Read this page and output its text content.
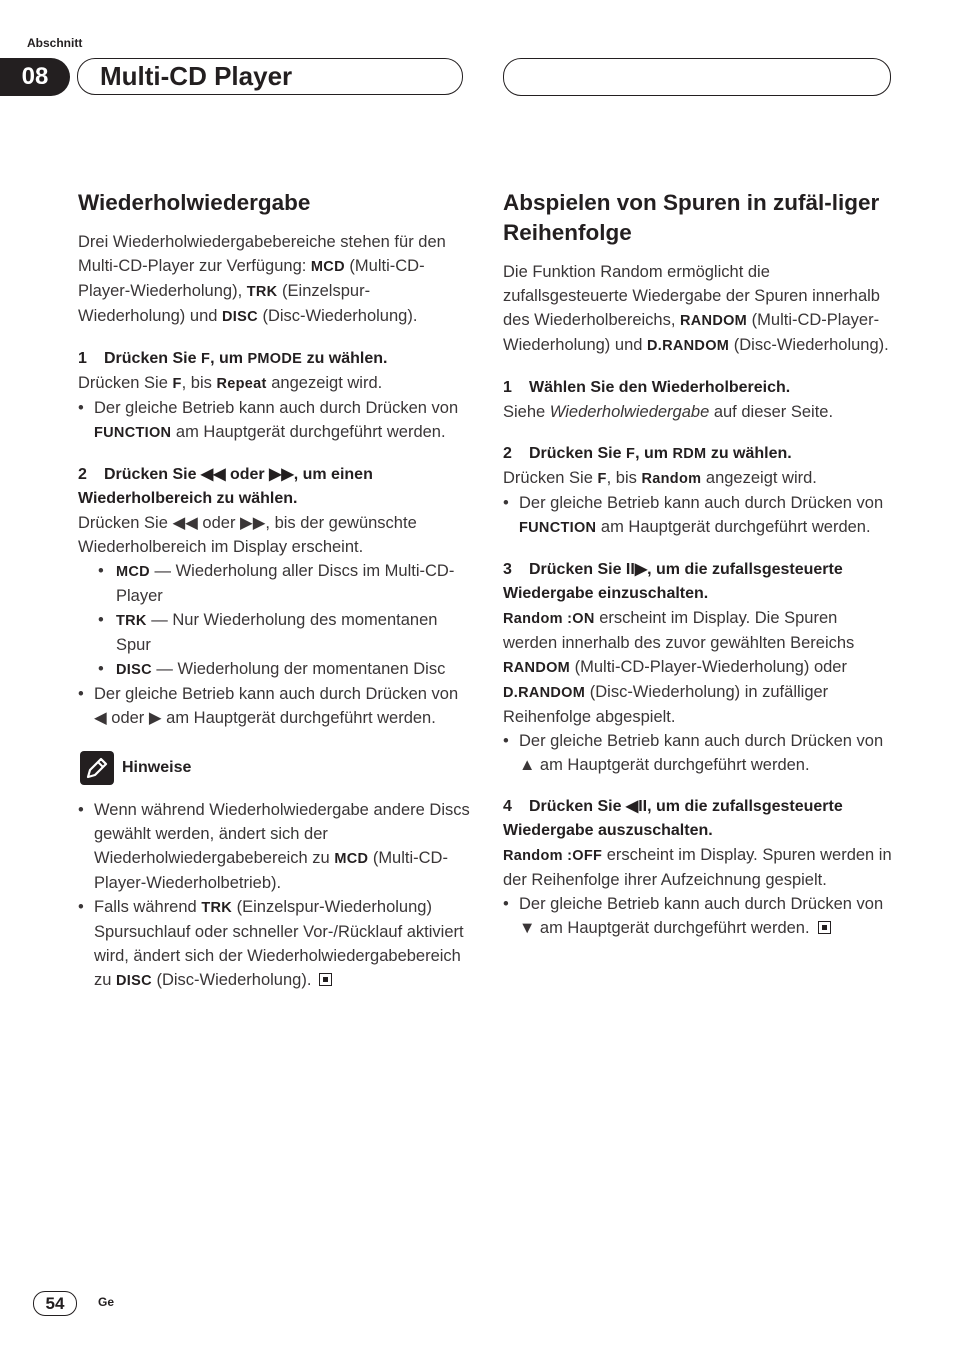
Abschnitt
08	Multi-CD Player
Wiederholwiedergabe

Drei Wiederholwiedergabebereiche stehen für den Multi-CD-Player zur Verfügung: MCD (Multi-CD-Player-Wiederholung), TRK (Einzelspur-Wiederholung) und DISC (Disc-Wiederholung).

1 Drücken Sie F, um PMODE zu wählen.

Drücken Sie F, bis Repeat angezeigt wird.

• Der gleiche Betrieb kann auch durch Drücken von FUNCTION am Hauptgerät durchgeführt werden.

2 Drücken Sie ◀◀ oder ▶▶, um einen Wiederholbereich zu wählen.

Drücken Sie ◀◀ oder ▶▶, bis der gewünschte Wiederholbereich im Display erscheint.

• MCD — Wiederholung aller Discs im Multi-CD-Player

• TRK — Nur Wiederholung des momentanen Spur

• DISC — Wiederholung der momentanen Disc

• Der gleiche Betrieb kann auch durch Drücken von ◀ oder ▶ am Hauptgerät durchgeführt werden.

Hinweise

• Wenn während Wiederholwiedergabe andere Discs gewählt werden, ändert sich der Wiederholwiedergabebereich zu MCD (Multi-CD-Player-Wiederholbetrieb).

• Falls während TRK (Einzelspur-Wiederholung) Spursuchlauf oder schneller Vor-/Rücklauf aktiviert wird, ändert sich der Wiederholwiedergabebereich zu DISC (Disc-Wiederholung).

Abspielen von Spuren in zufäl-liger Reihenfolge

Die Funktion Random ermöglicht die zufallsgesteuerte Wiedergabe der Spuren innerhalb des Wiederholbereichs, RANDOM (Multi-CD-Player-Wiederholung) und D.RANDOM (Disc-Wiederholung).

1 Wählen Sie den Wiederholbereich.

Siehe Wiederholwiedergabe auf dieser Seite.

2 Drücken Sie F, um RDM zu wählen.

Drücken Sie F, bis Random angezeigt wird.

• Der gleiche Betrieb kann auch durch Drücken von FUNCTION am Hauptgerät durchgeführt werden.

3 Drücken Sie II▶, um die zufallsgesteuerte Wiedergabe einzuschalten.

Random :ON erscheint im Display. Die Spuren werden innerhalb des zuvor gewählten Bereichs RANDOM (Multi-CD-Player-Wiederholung) oder D.RANDOM (Disc-Wiederholung) in zufälliger Reihenfolge abgespielt.

• Der gleiche Betrieb kann auch durch Drücken von ▲ am Hauptgerät durchgeführt werden.

4 Drücken Sie ◀II, um die zufallsgesteuerte Wiedergabe auszuschalten.

Random :OFF erscheint im Display. Spuren werden in der Reihenfolge ihrer Aufzeichnung gespielt.

• Der gleiche Betrieb kann auch durch Drücken von ▼ am Hauptgerät durchgeführt werden.

54	Ge
